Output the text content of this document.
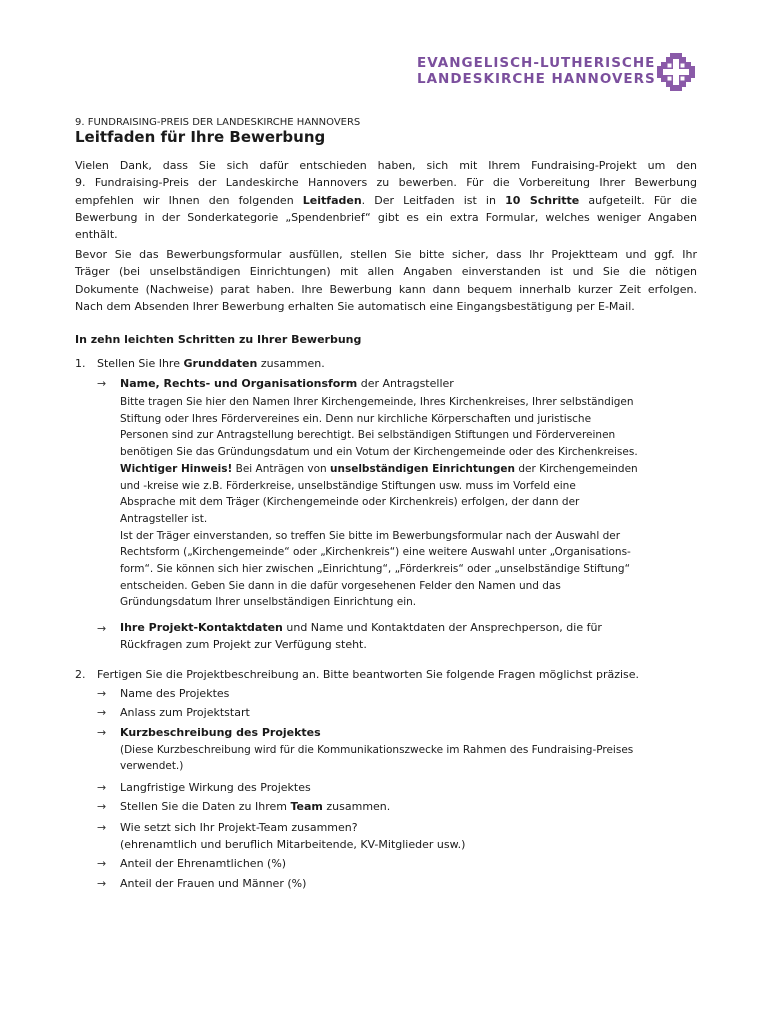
EVANGELISCH-LUTHERISCHE
LANDESKIRCHE HANNOVERS
9. FUNDRAISING-PREIS DER LANDESKIRCHE HANNOVERS
Leitfaden für Ihre Bewerbung
Vielen Dank, dass Sie sich dafür entschieden haben, sich mit Ihrem Fundraising-Projekt um den
9. Fundraising-Preis der Landeskirche Hannovers zu bewerben. Für die Vorbereitung Ihrer Bewerbung
empfehlen wir Ihnen den folgenden Leitfaden. Der Leitfaden ist in 10 Schritte aufgeteilt. Für die
Bewerbung in der Sonderkategorie „Spendenbrief“ gibt es ein extra Formular, welches weniger Angaben
enthält.
Bevor Sie das Bewerbungsformular ausfüllen, stellen Sie bitte sicher, dass Ihr Projektteam und ggf. Ihr
Träger (bei unselbständigen Einrichtungen) mit allen Angaben einverstanden ist und Sie die nötigen
Dokumente (Nachweise) parat haben. Ihre Bewerbung kann dann bequem innerhalb kurzer Zeit erfolgen.
Nach dem Absenden Ihrer Bewerbung erhalten Sie automatisch eine Eingangsbestätigung per E-Mail.
In zehn leichten Schritten zu Ihrer Bewerbung
1. Stellen Sie Ihre Grunddaten zusammen.
→ Name, Rechts- und Organisationsform der Antragsteller
Bitte tragen Sie hier den Namen Ihrer Kirchengemeinde, Ihres Kirchenkreises, Ihrer selbständigen
Stiftung oder Ihres Fördervereines ein. Denn nur kirchliche Körperschaften und juristische
Personen sind zur Antragstellung berechtigt. Bei selbständigen Stiftungen und Fördervereinen
benötigen Sie das Gründungsdatum und ein Votum der Kirchengemeinde oder des Kirchenkreises.
Wichtiger Hinweis! Bei Anträgen von unselbständigen Einrichtungen der Kirchengemeinden
und -kreise wie z.B. Förderkreise, unselbständige Stiftungen usw. muss im Vorfeld eine
Absprache mit dem Träger (Kirchengemeinde oder Kirchenkreis) erfolgen, der dann der
Antragsteller ist.
Ist der Träger einverstanden, so treffen Sie bitte im Bewerbungsformular nach der Auswahl der
Rechtsform („Kirchengemeinde“ oder „Kirchenkreis“) eine weitere Auswahl unter „Organisations-
form“. Sie können sich hier zwischen „Einrichtung“, „Förderkreis“ oder „unselbständige Stiftung“
entscheiden. Geben Sie dann in die dafür vorgesehenen Felder den Namen und das
Gründungsdatum Ihrer unselbständigen Einrichtung ein.
→ Ihre Projekt-Kontaktdaten und Name und Kontaktdaten der Ansprechperson, die für
Rückfragen zum Projekt zur Verfügung steht.
2. Fertigen Sie die Projektbeschreibung an. Bitte beantworten Sie folgende Fragen möglichst präzise.
→ Name des Projektes
→ Anlass zum Projektstart
→ Kurzbeschreibung des Projektes
(Diese Kurzbeschreibung wird für die Kommunikationszwecke im Rahmen des Fundraising-Preises
verwendet.)
→ Langfristige Wirkung des Projektes
→ Stellen Sie die Daten zu Ihrem Team zusammen.
→ Wie setzt sich Ihr Projekt-Team zusammen?
(ehrenamtlich und beruflich Mitarbeitende, KV-Mitglieder usw.)
→ Anteil der Ehrenamtlichen (%)
→ Anteil der Frauen und Männer (%)
